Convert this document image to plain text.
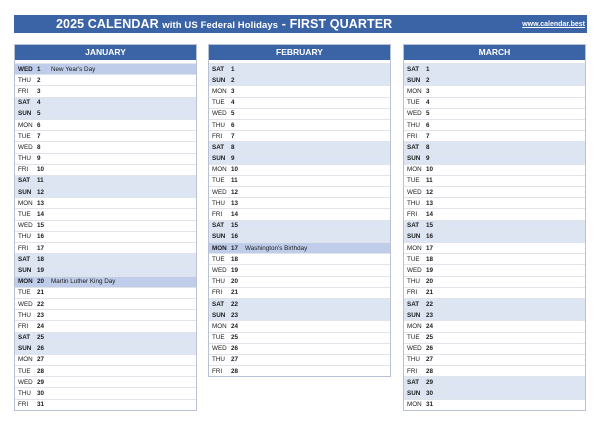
2025 CALENDAR with US Federal Holidays - FIRST QUARTER	www.calendar.best
JANUARY
WED 1	New Year's Day
THU 2
FRI	3
SAT	4
SUN 5
MON 6
TUE	7
WED 8
THU 9
FRI	10
SAT	11
SUN 12
MON 13
TUE	14
WED 15
THU 16
FRI	17
SAT	18
SUN 19
MON 20	Martin Luther King Day
TUE	21
WED 22
THU 23
FRI	24
SAT	25
SUN 26
MON 27
TUE	28
WED 29
THU 30
FRI	31
FEBRUARY
SAT	1
SUN 2
MON 3
TUE	4
WED 5
THU 6
FRI	7
SAT	8
SUN 9
MON 10
TUE	11
WED 12
THU 13
FRI	14
SAT	15
SUN 16
MON 17	Washington's Birthday
TUE	18
WED 19
THU 20
FRI	21
SAT	22
SUN 23
MON 24
TUE	25
WED 26
THU 27
FRI	28
MARCH
SAT	1
SUN 2
MON 3
TUE	4
WED 5
THU 6
FRI	7
SAT	8
SUN 9
MON 10
TUE	11
WED 12
THU 13
FRI	14
SAT	15
SUN 16
MON 17
TUE	18
WED 19
THU 20
FRI	21
SAT	22
SUN 23
MON 24
TUE	25
WED 26
THU 27
FRI	28
SAT	29
SUN 30
MON 31
